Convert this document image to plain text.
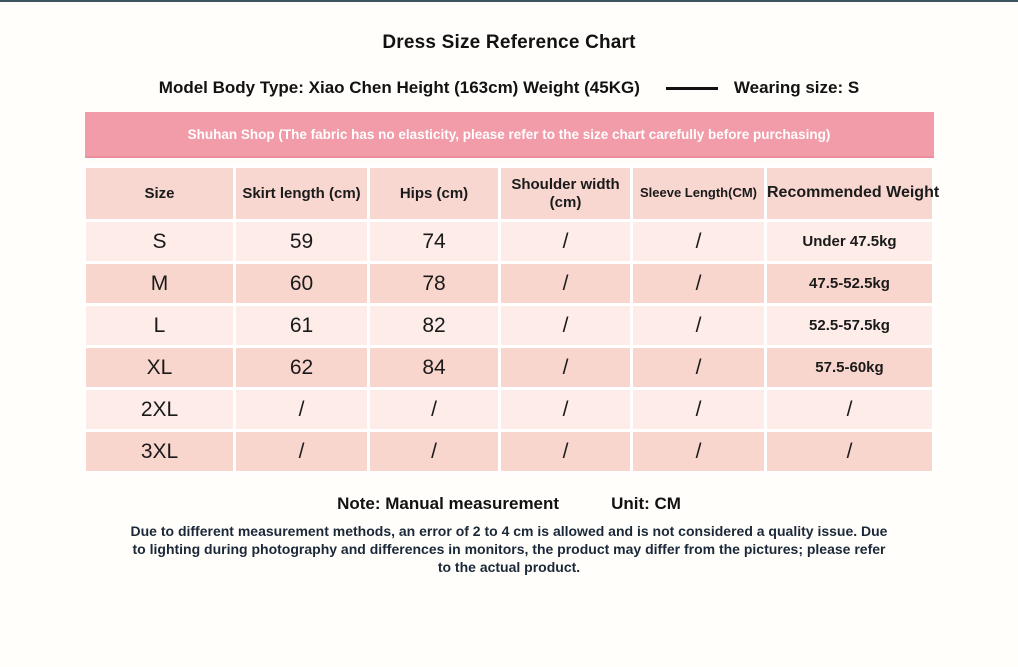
Dress Size Reference Chart
Model Body Type: Xiao Chen Height (163cm) Weight (45KG)	Wearing size: S
Shuhan Shop (The fabric has no elasticity, please refer to the size chart carefully before purchasing)
Size	Skirt length (cm)	Hips (cm)	Shoulder width (cm)	Sleeve Length(CM)	Recommended Weight
S	59	74	/	/	Under 47.5kg
M	60	78	/	/	47.5-52.5kg
L	61	82	/	/	52.5-57.5kg
XL	62	84	/	/	57.5-60kg
2XL	/	/	/	/	/
3XL	/	/	/	/	/
Note: Manual measurement	Unit: CM
Due to different measurement methods, an error of 2 to 4 cm is allowed and is not considered a quality issue. Due to lighting during photography and differences in monitors, the product may differ from the pictures; please refer to the actual product.
